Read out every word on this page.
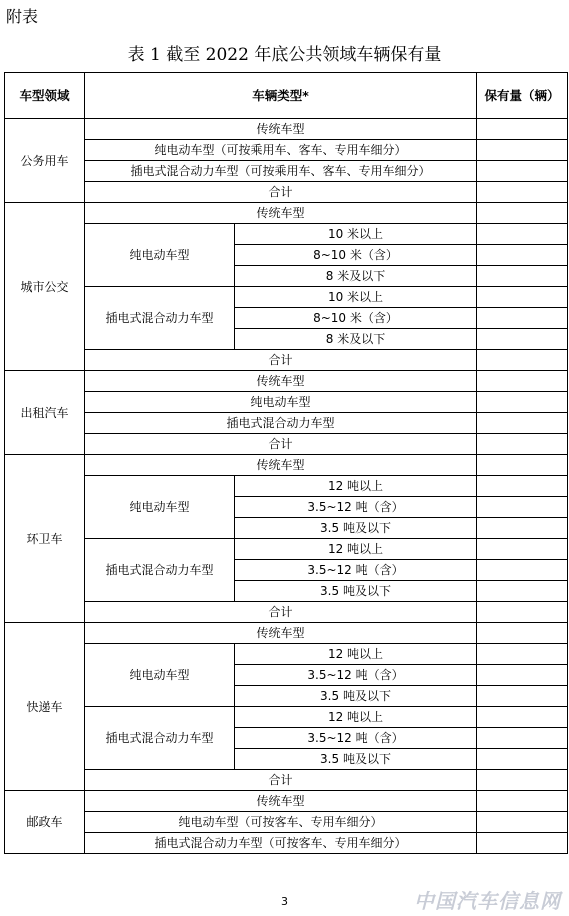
附表
表 1 截至 2022 年底公共领域车辆保有量
车型领域	车辆类型*		保有量（辆）
公务用车	传统车型		
	纯电动车型（可按乘用车、客车、专用车细分）		
	插电式混合动力车型（可按乘用车、客车、专用车细分）		
	合计		
城市公交	传统车型		
	纯电动车型	10 米以上	
		8~10 米（含）	
		8 米及以下	
	插电式混合动力车型	10 米以上	
		8~10 米（含）	
		8 米及以下	
	合计		
出租汽车	传统车型		
	纯电动车型		
	插电式混合动力车型		
	合计		
环卫车	传统车型		
	纯电动车型	12 吨以上	
		3.5~12 吨（含）	
		3.5 吨及以下	
	插电式混合动力车型	12 吨以上	
		3.5~12 吨（含）	
		3.5 吨及以下	
	合计		
快递车	传统车型		
	纯电动车型	12 吨以上	
		3.5~12 吨（含）	
		3.5 吨及以下	
	插电式混合动力车型	12 吨以上	
		3.5~12 吨（含）	
		3.5 吨及以下	
	合计		
邮政车	传统车型		
	纯电动车型（可按客车、专用车细分）		
	插电式混合动力车型（可按客车、专用车细分）		
3	中国汽车信息网
